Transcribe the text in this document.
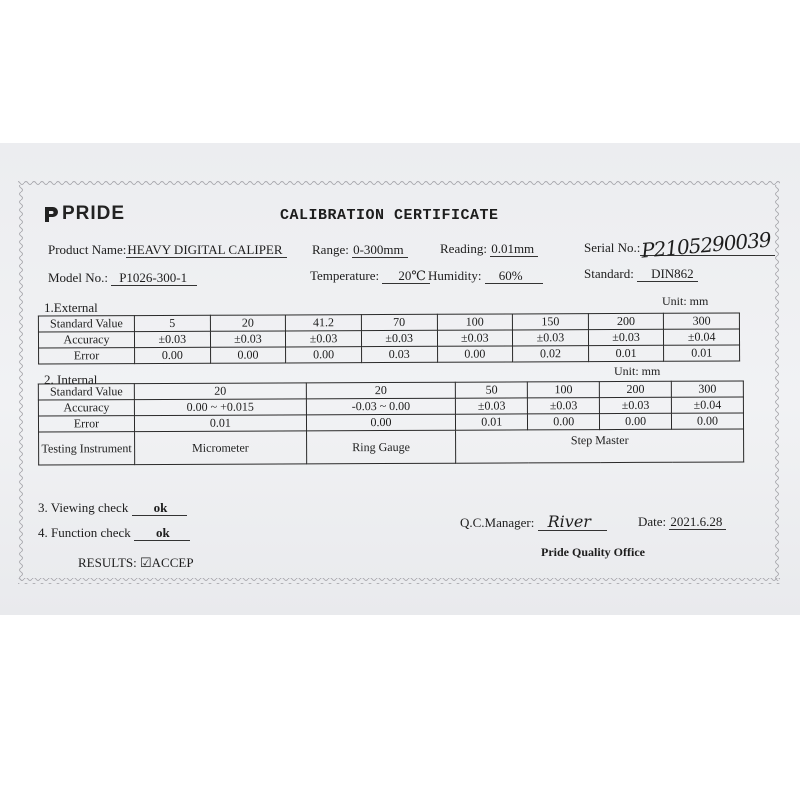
PRIDE	CALIBRATION CERTIFICATE
Product Name:HEAVY DIGITAL CALIPER	Range: 0-300mm	Reading: 0.01mm	Serial No.:P2105290039
Model No.: P1026-300-1	Temperature: 20℃ Humidity: 60%	Standard: DIN862
1.External	Unit: mm
Standard Value	5	20	41.2	70	100	150	200	300
Accuracy	±0.03	±0.03	±0.03	±0.03	±0.03	±0.03	±0.03	±0.04
Error	0.00	0.00	0.00	0.03	0.00	0.02	0.01	0.01
2. Internal
Unit: mm
Standard Value	20	20	50	100	200	300
Accuracy	0.00 ~ +0.015	-0.03 ~ 0.00	±0.03	±0.03	±0.03	±0.04
Error	0.01	0.00	0.01	0.00	0.00	0.00
Testing Instrument	Micrometer	Ring Gauge	Step Master			
3. Viewing check ok
4. Function check ok
RESULTS: ☑ACCEP
Q.C.Manager: River	Date: 2021.6.28
Pride Quality Office
